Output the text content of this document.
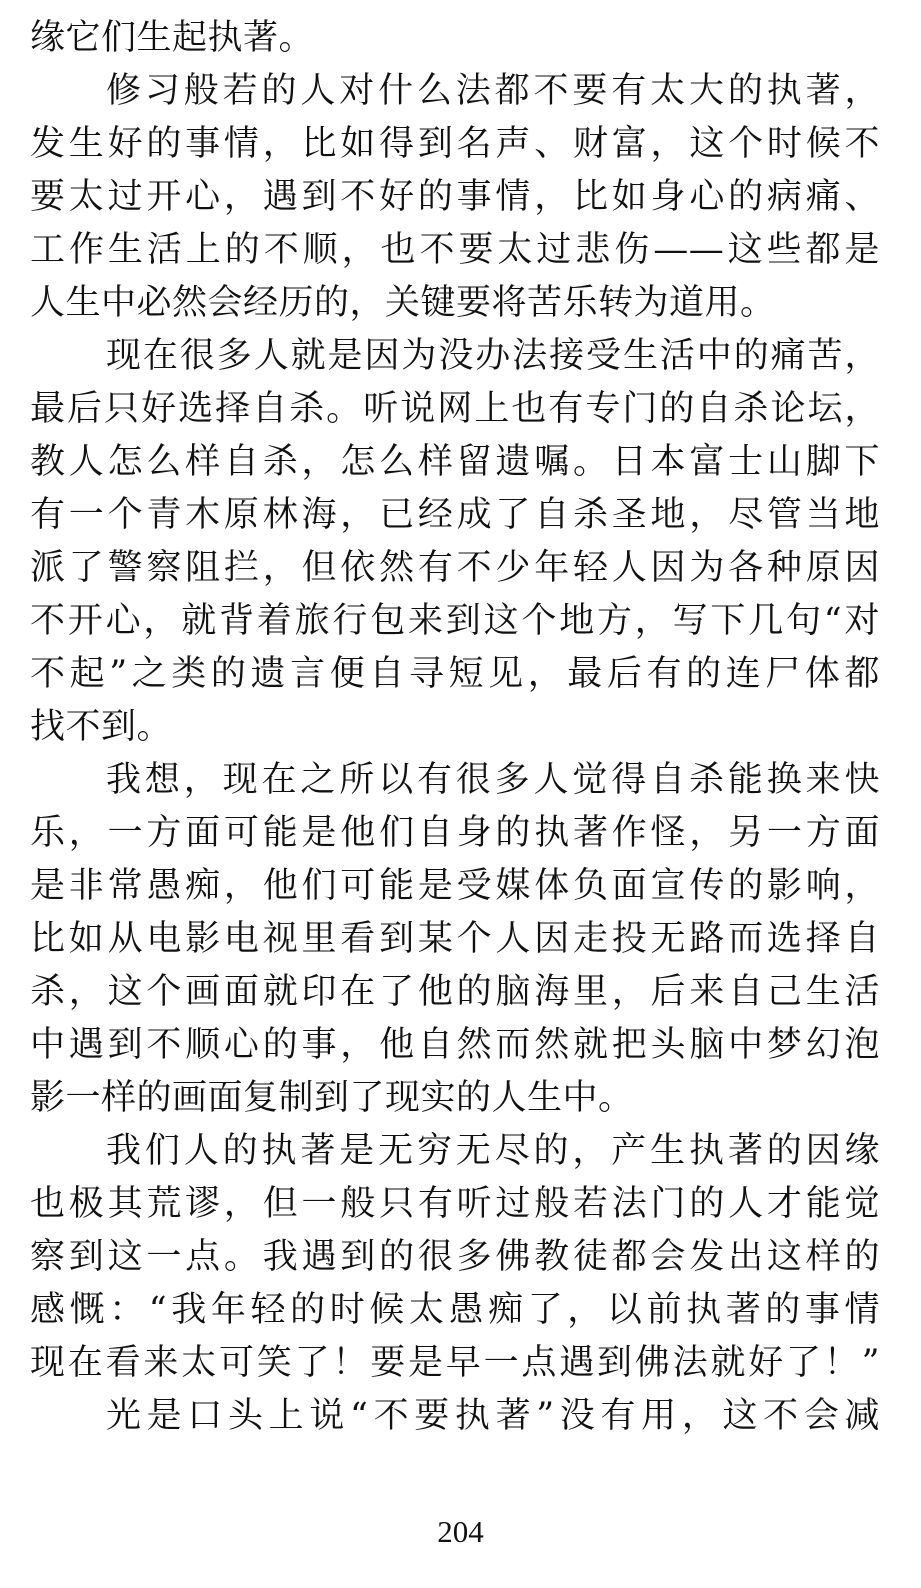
缘它们生起执著。
修习般若的人对什么法都不要有太大的执著，
发生好的事情，比如得到名声、财富，这个时候不
要太过开心，遇到不好的事情，比如身心的病痛、
工作生活上的不顺，也不要太过悲伤——这些都是
人生中必然会经历的，关键要将苦乐转为道用。
现在很多人就是因为没办法接受生活中的痛苦，
最后只好选择自杀。听说网上也有专门的自杀论坛，
教人怎么样自杀，怎么样留遗嘱。日本富士山脚下
有一个青木原林海，已经成了自杀圣地，尽管当地
派了警察阻拦，但依然有不少年轻人因为各种原因
不开心，就背着旅行包来到这个地方，写下几句“对
不起”之类的遗言便自寻短见，最后有的连尸体都
找不到。
我想，现在之所以有很多人觉得自杀能换来快
乐，一方面可能是他们自身的执著作怪，另一方面
是非常愚痴，他们可能是受媒体负面宣传的影响，
比如从电影电视里看到某个人因走投无路而选择自
杀，这个画面就印在了他的脑海里，后来自己生活
中遇到不顺心的事，他自然而然就把头脑中梦幻泡
影一样的画面复制到了现实的人生中。
我们人的执著是无穷无尽的，产生执著的因缘
也极其荒谬，但一般只有听过般若法门的人才能觉
察到这一点。我遇到的很多佛教徒都会发出这样的
感慨：“我年轻的时候太愚痴了，以前执著的事情
现在看来太可笑了！要是早一点遇到佛法就好了！”
光是口头上说“不要执著”没有用，这不会减
204
